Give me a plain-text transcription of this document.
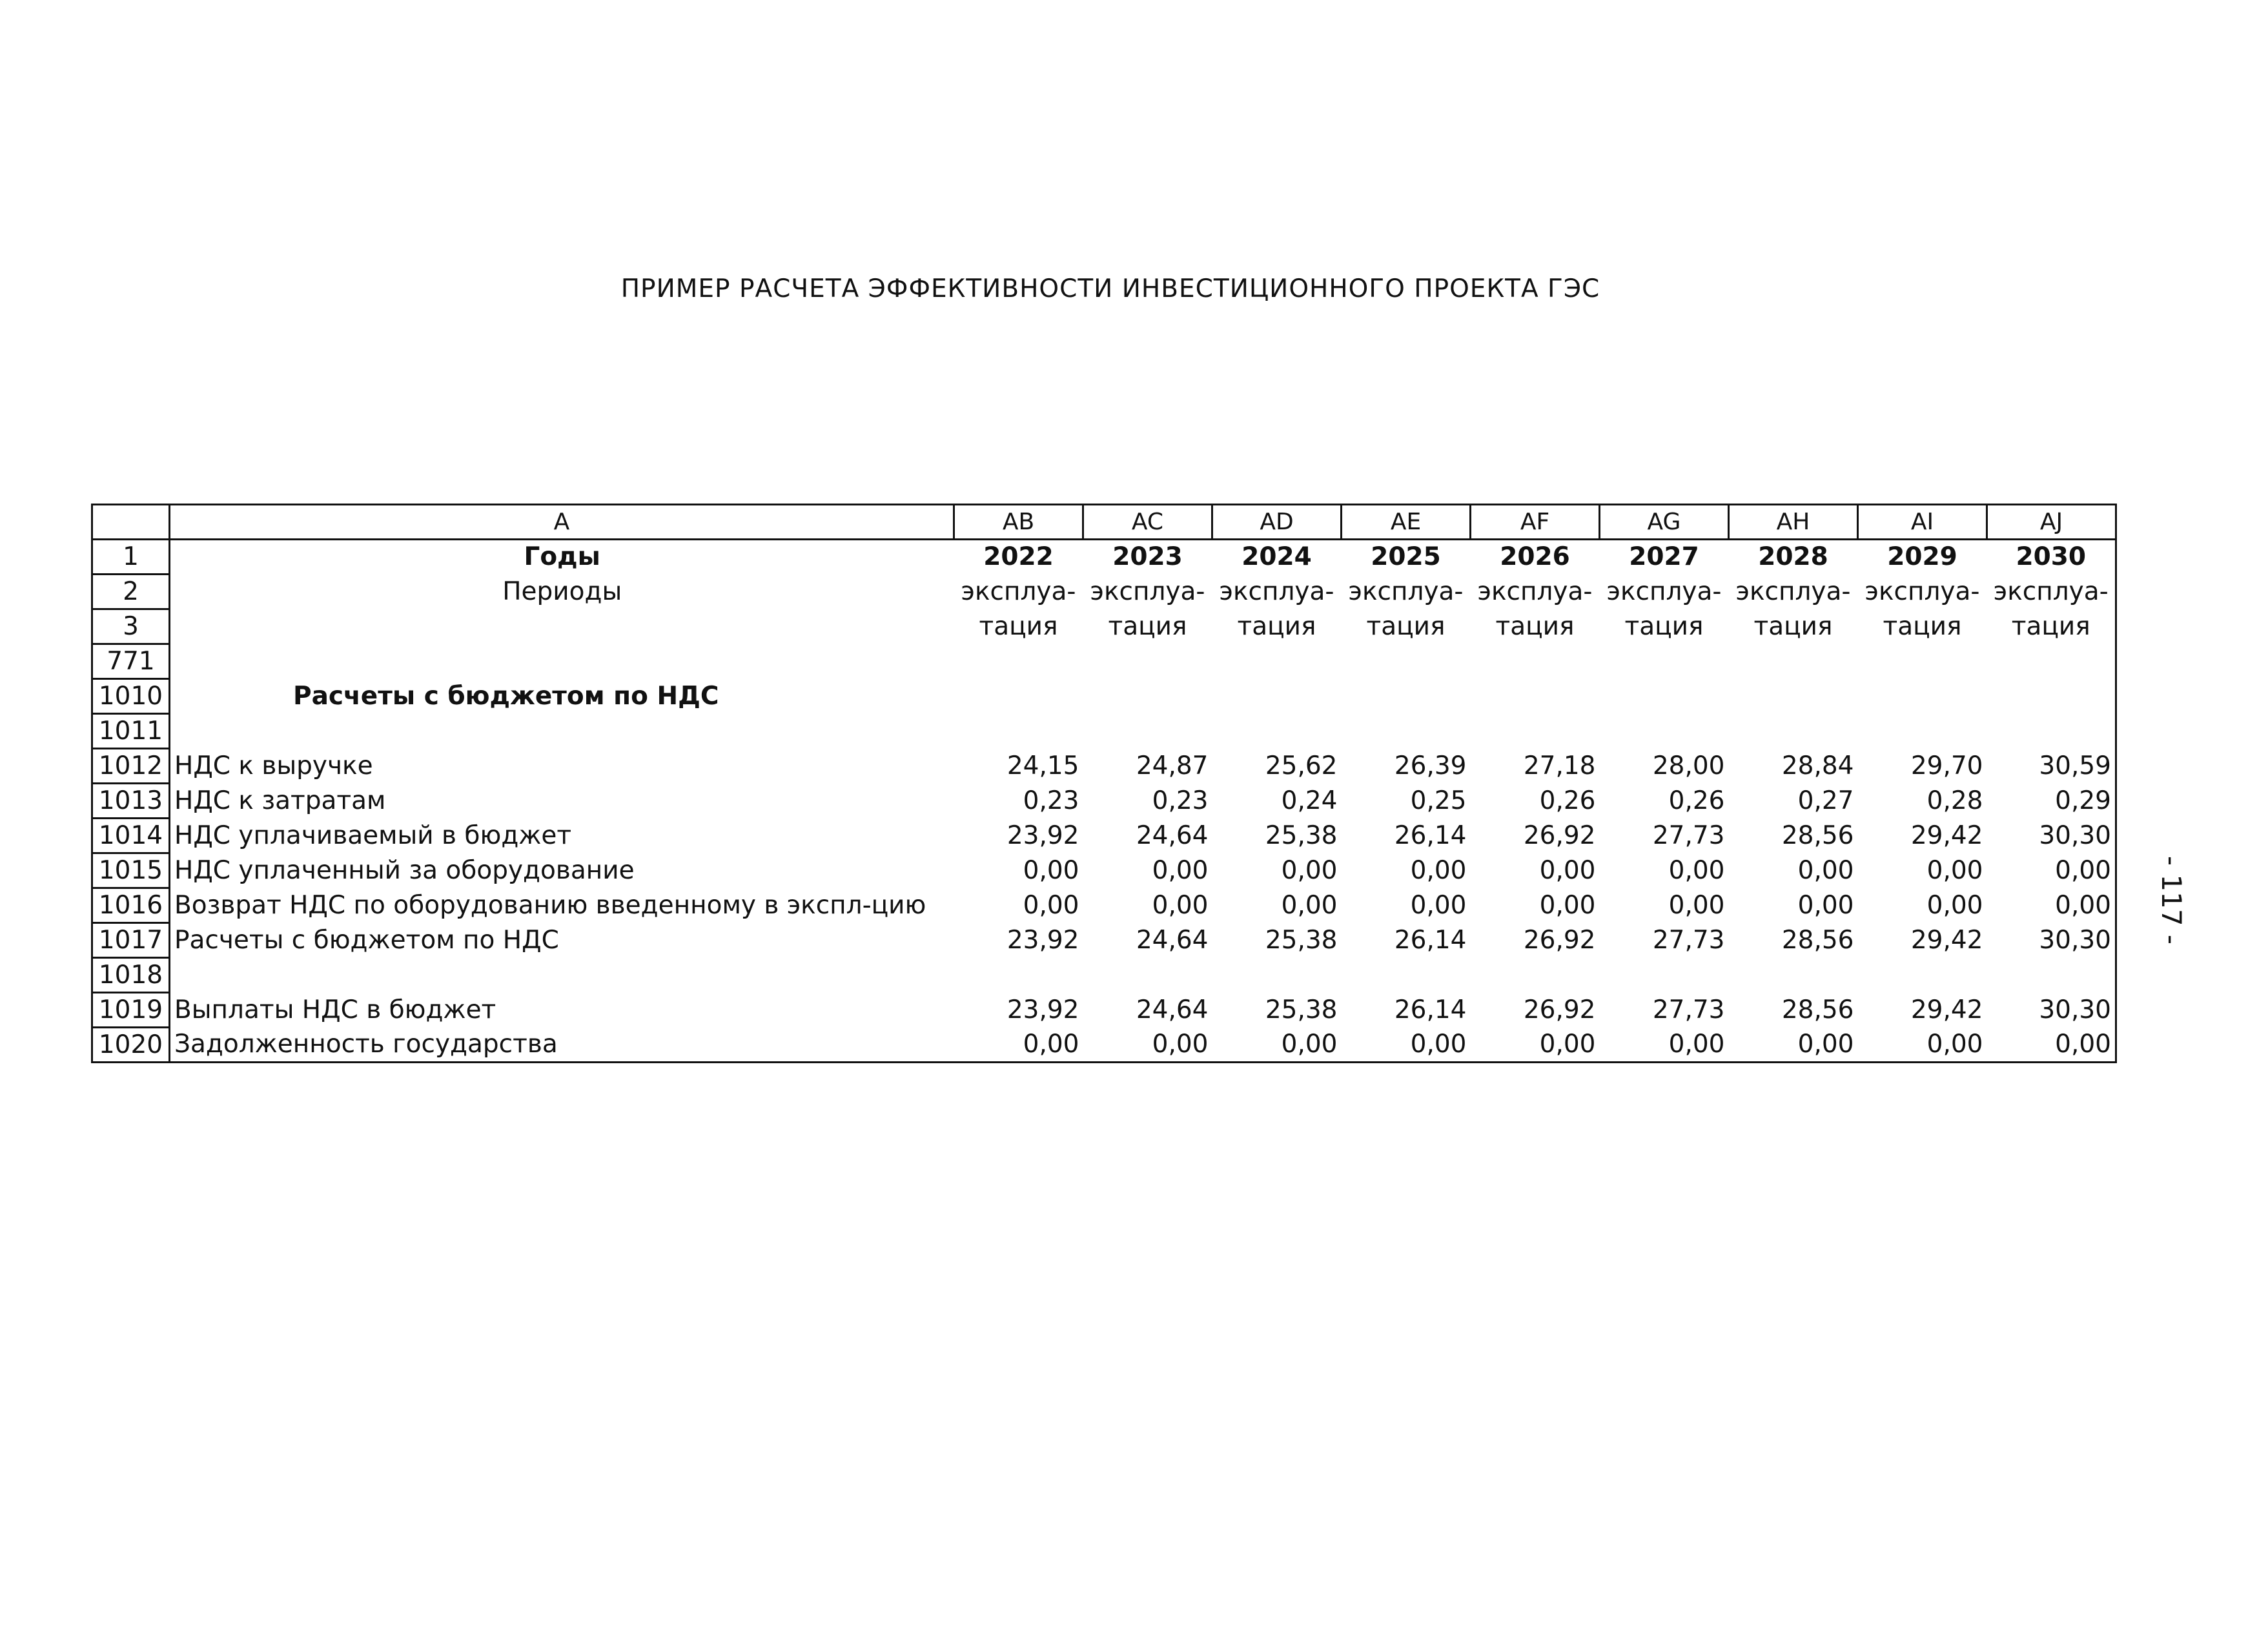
ПРИМЕР РАСЧЕТА ЭФФЕКТИВНОСТИ ИНВЕСТИЦИОННОГО ПРОЕКТА ГЭС
- 117 -
	A	AB	AC	AD	AE	AF	AG	AH	AI	AJ
1	Годы	2022	2023	2024	2025	2026	2027	2028	2029	2030
2	Периоды	эксплуа-	эксплуа-	эксплуа-	эксплуа-	эксплуа-	эксплуа-	эксплуа-	эксплуа-	эксплуа-
3		тация	тация	тация	тация	тация	тация	тация	тация	тация
771										
1010	Расчеты с бюджетом по НДС									
1011										
1012	НДС к выручке	24,15	24,87	25,62	26,39	27,18	28,00	28,84	29,70	30,59
1013	НДС к затратам	0,23	0,23	0,24	0,25	0,26	0,26	0,27	0,28	0,29
1014	НДС уплачиваемый в бюджет	23,92	24,64	25,38	26,14	26,92	27,73	28,56	29,42	30,30
1015	НДС уплаченный за оборудование	0,00	0,00	0,00	0,00	0,00	0,00	0,00	0,00	0,00
1016	Возврат НДС по оборудованию введенному в экспл-цию	0,00	0,00	0,00	0,00	0,00	0,00	0,00	0,00	0,00
1017	Расчеты с бюджетом по НДС	23,92	24,64	25,38	26,14	26,92	27,73	28,56	29,42	30,30
1018										
1019	Выплаты НДС в бюджет	23,92	24,64	25,38	26,14	26,92	27,73	28,56	29,42	30,30
1020	Задолженность государства	0,00	0,00	0,00	0,00	0,00	0,00	0,00	0,00	0,00
